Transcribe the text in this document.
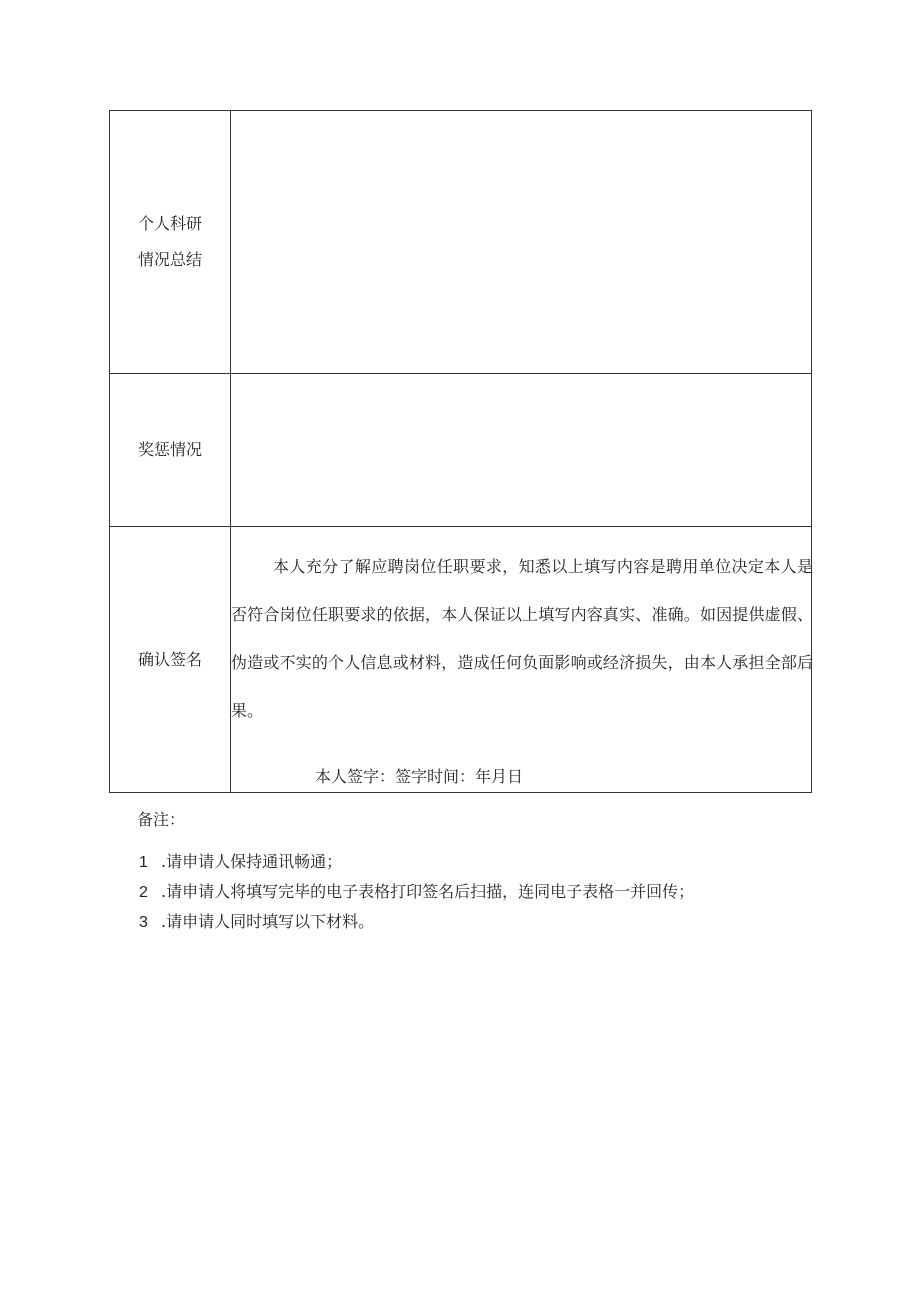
个人科研
情况总结	

奖惩情况	

确认签名	本人充分了解应聘岗位任职要求，知悉以上填写内容是聘用单位决定本人是否符合岗位任职要求的依据，本人保证以上填写内容真实、准确。如因提供虚假、伪造或不实的个人信息或材料，造成任何负面影响或经济损失，由本人承担全部后果。

本人签字：签字时间：年月日
备注：
1 .请申请人保持通讯畅通；
2 .请申请人将填写完毕的电子表格打印签名后扫描，连同电子表格一并回传；
3 .请申请人同时填写以下材料。
